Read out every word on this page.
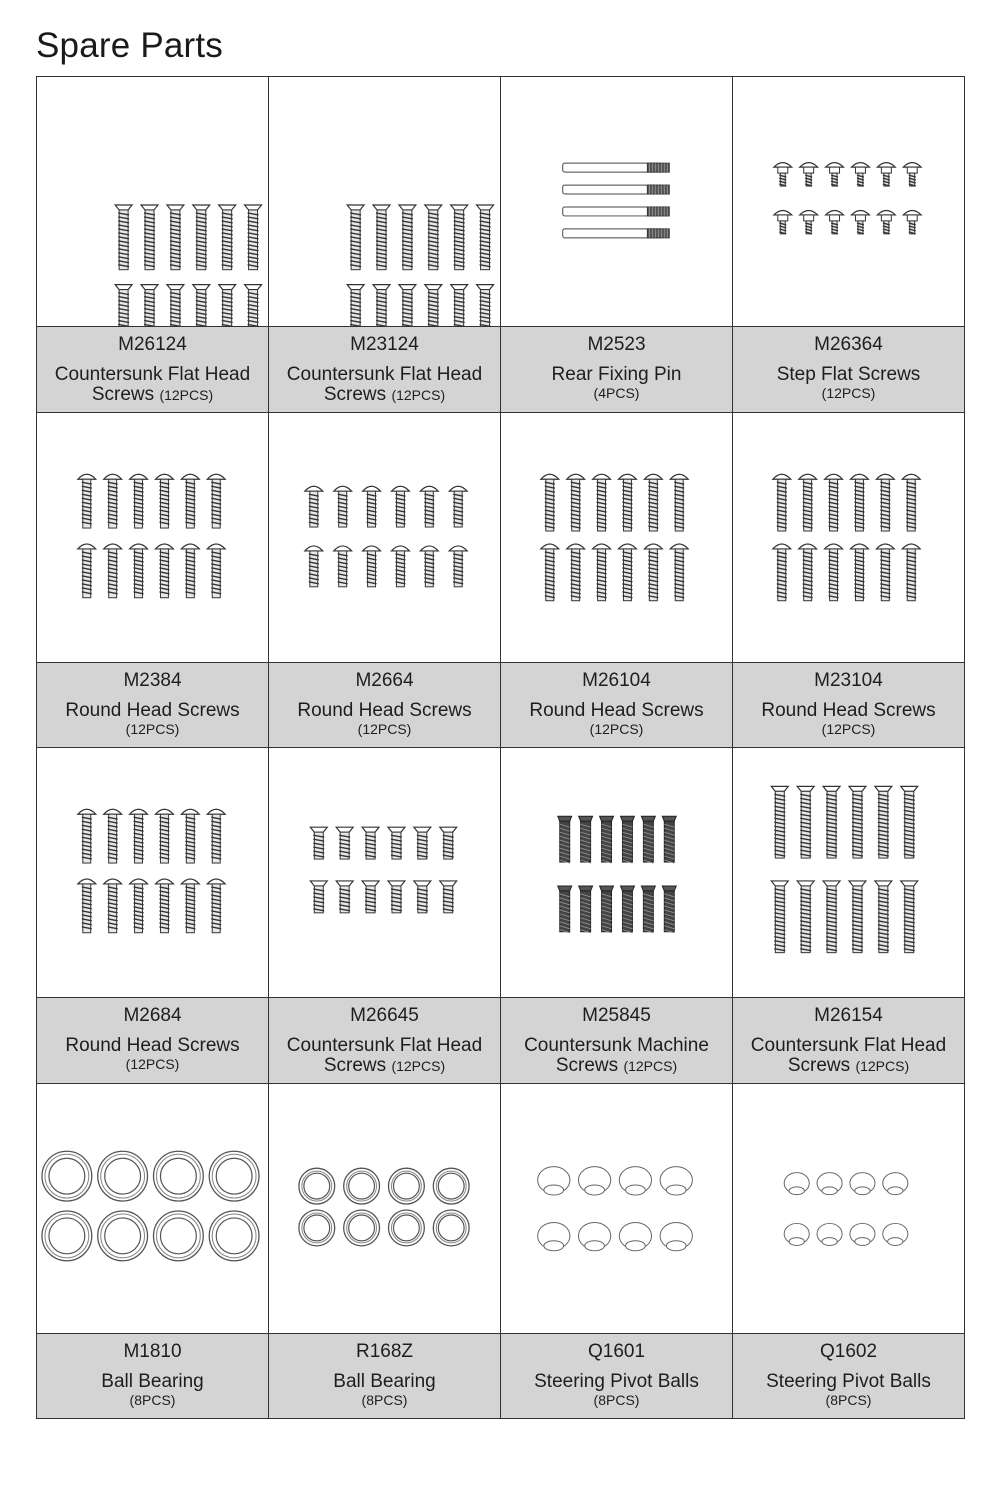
Spare Parts
M26124
Countersunk Flat Head
Screws (12PCS)
M23124
Countersunk Flat Head
Screws (12PCS)
M2523
Rear Fixing Pin
(4PCS)
M26364
Step Flat Screws
(12PCS)
M2384
Round Head Screws
(12PCS)
M2664
Round Head Screws
(12PCS)
M26104
Round Head Screws
(12PCS)
M23104
Round Head Screws
(12PCS)
M2684
Round Head Screws
(12PCS)
M26645
Countersunk Flat Head
Screws (12PCS)
M25845
Countersunk Machine
Screws (12PCS)
M26154
Countersunk Flat Head
Screws (12PCS)
M1810
Ball Bearing
(8PCS)
R168Z
Ball Bearing
(8PCS)
Q1601
Steering Pivot Balls
(8PCS)
Q1602
Steering Pivot Balls
(8PCS)
